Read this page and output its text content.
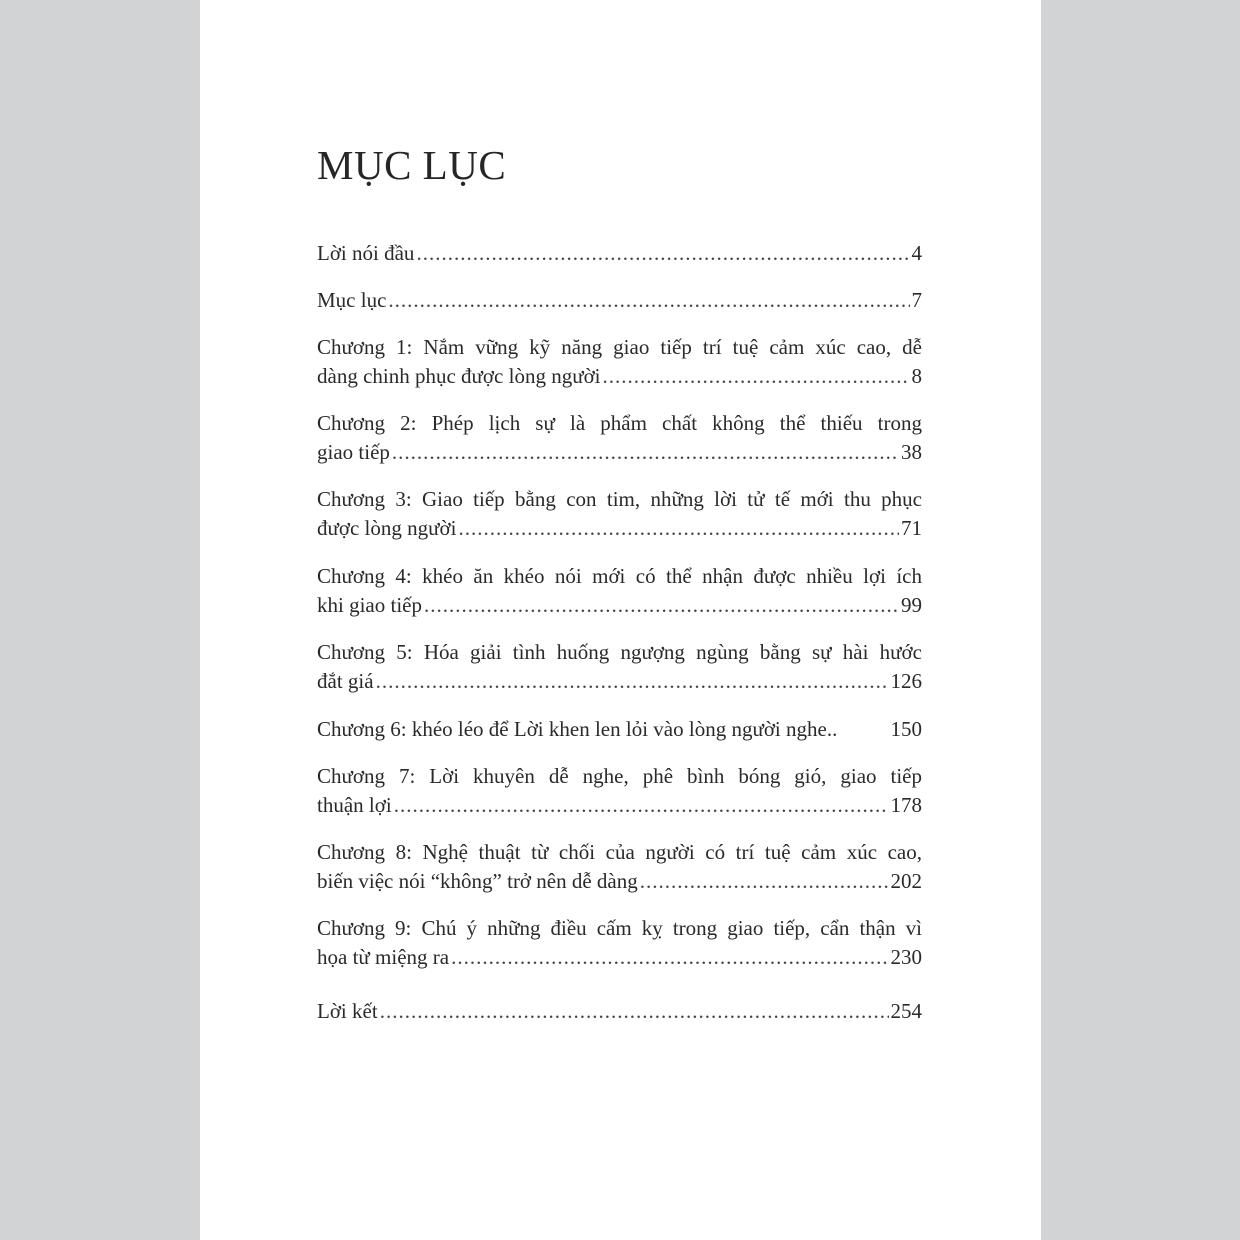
MỤC LỤC
Lời nói đầu .....	4
Mục lục .....	7
Chương 1: Nắm vững kỹ năng giao tiếp trí tuệ cảm xúc cao, dễ
dàng chinh phục được lòng người .....	8
Chương 2: Phép lịch sự là phẩm chất không thể thiếu trong
giao tiếp .....	38
Chương 3: Giao tiếp bằng con tim, những lời tử tế mới thu phục
được lòng người .....	71
Chương 4: khéo ăn khéo nói mới có thể nhận được nhiều lợi ích
khi giao tiếp .....	99
Chương 5: Hóa giải tình huống ngượng ngùng bằng sự hài hước
đắt giá .....	126
Chương 6: khéo léo để Lời khen len lỏi vào lòng người nghe..	150
Chương 7: Lời khuyên dễ nghe, phê bình bóng gió, giao tiếp
thuận lợi .....	178
Chương 8: Nghệ thuật từ chối của người có trí tuệ cảm xúc cao,
biến việc nói “không” trở nên dễ dàng .....	202
Chương 9: Chú ý những điều cấm kỵ trong giao tiếp, cẩn thận vì
họa từ miệng ra .....	230
Lời kết .....	254
